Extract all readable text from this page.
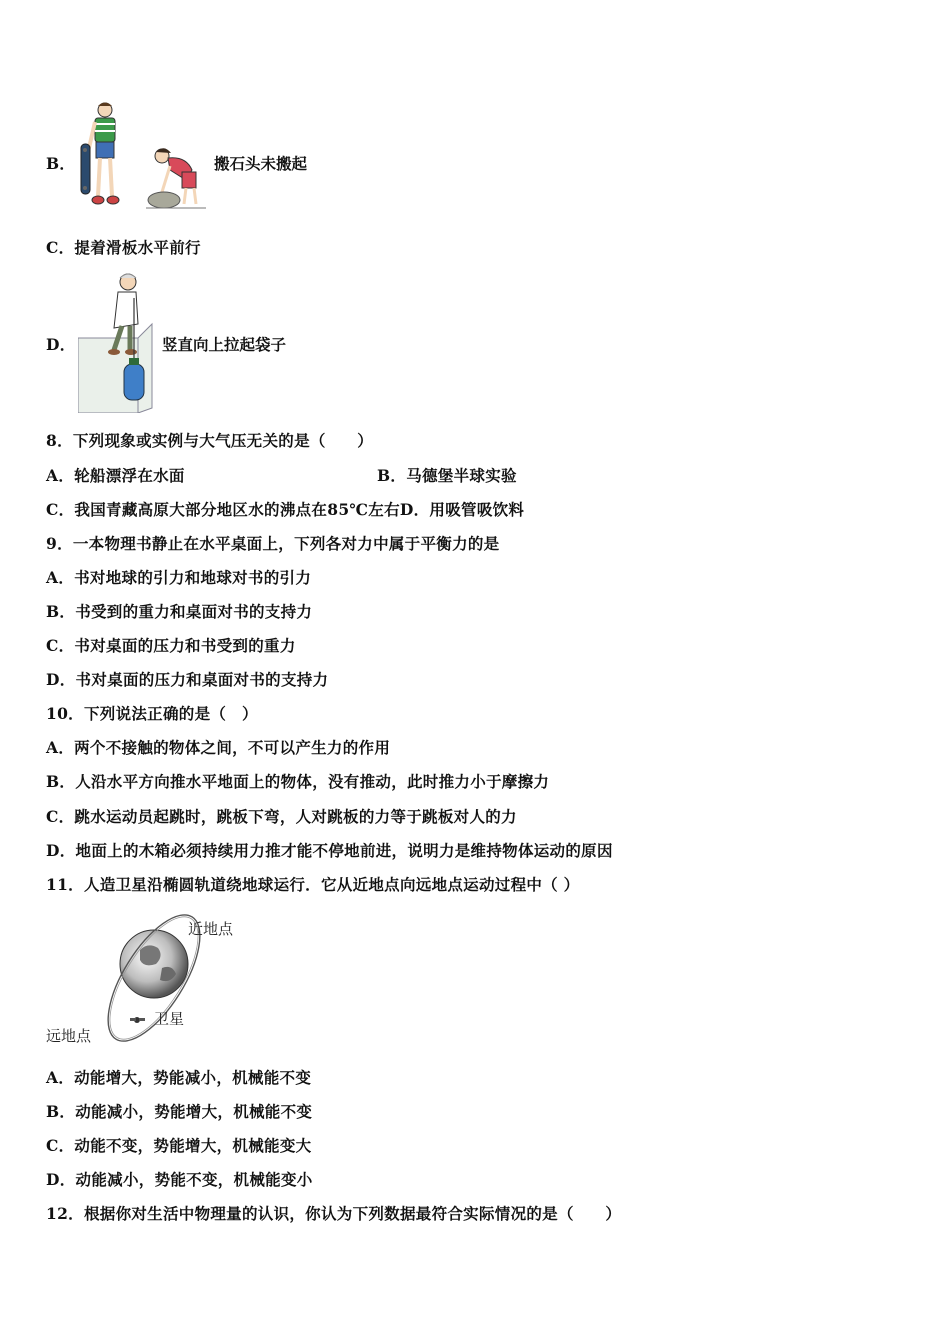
B．	搬石头未搬起
C．提着滑板水平前行
D．	竖直向上拉起袋子
8．下列现象或实例与大气压无关的是（　　）
A．轮船漂浮在水面	B．马德堡半球实验
C．我国青藏高原大部分地区水的沸点在85℃左右D．用吸管吸饮料
9．一本物理书静止在水平桌面上，下列各对力中属于平衡力的是
A．书对地球的引力和地球对书的引力
B．书受到的重力和桌面对书的支持力
C．书对桌面的压力和书受到的重力
D．书对桌面的压力和桌面对书的支持力
10．下列说法正确的是（　）
A．两个不接触的物体之间，不可以产生力的作用
B．人沿水平方向推水平地面上的物体，没有推动，此时推力小于摩擦力
C．跳水运动员起跳时，跳板下弯，人对跳板的力等于跳板对人的力
D．地面上的木箱必须持续用力推才能不停地前进，说明力是维持物体运动的原因
11．人造卫星沿椭圆轨道绕地球运行．它从近地点向远地点运动过程中（ ）
近地点
卫星
远地点
A．动能增大，势能减小，机械能不变
B．动能减小，势能增大，机械能不变
C．动能不变，势能增大，机械能变大
D．动能减小，势能不变，机械能变小
12．根据你对生活中物理量的认识，你认为下列数据最符合实际情况的是（　　）
